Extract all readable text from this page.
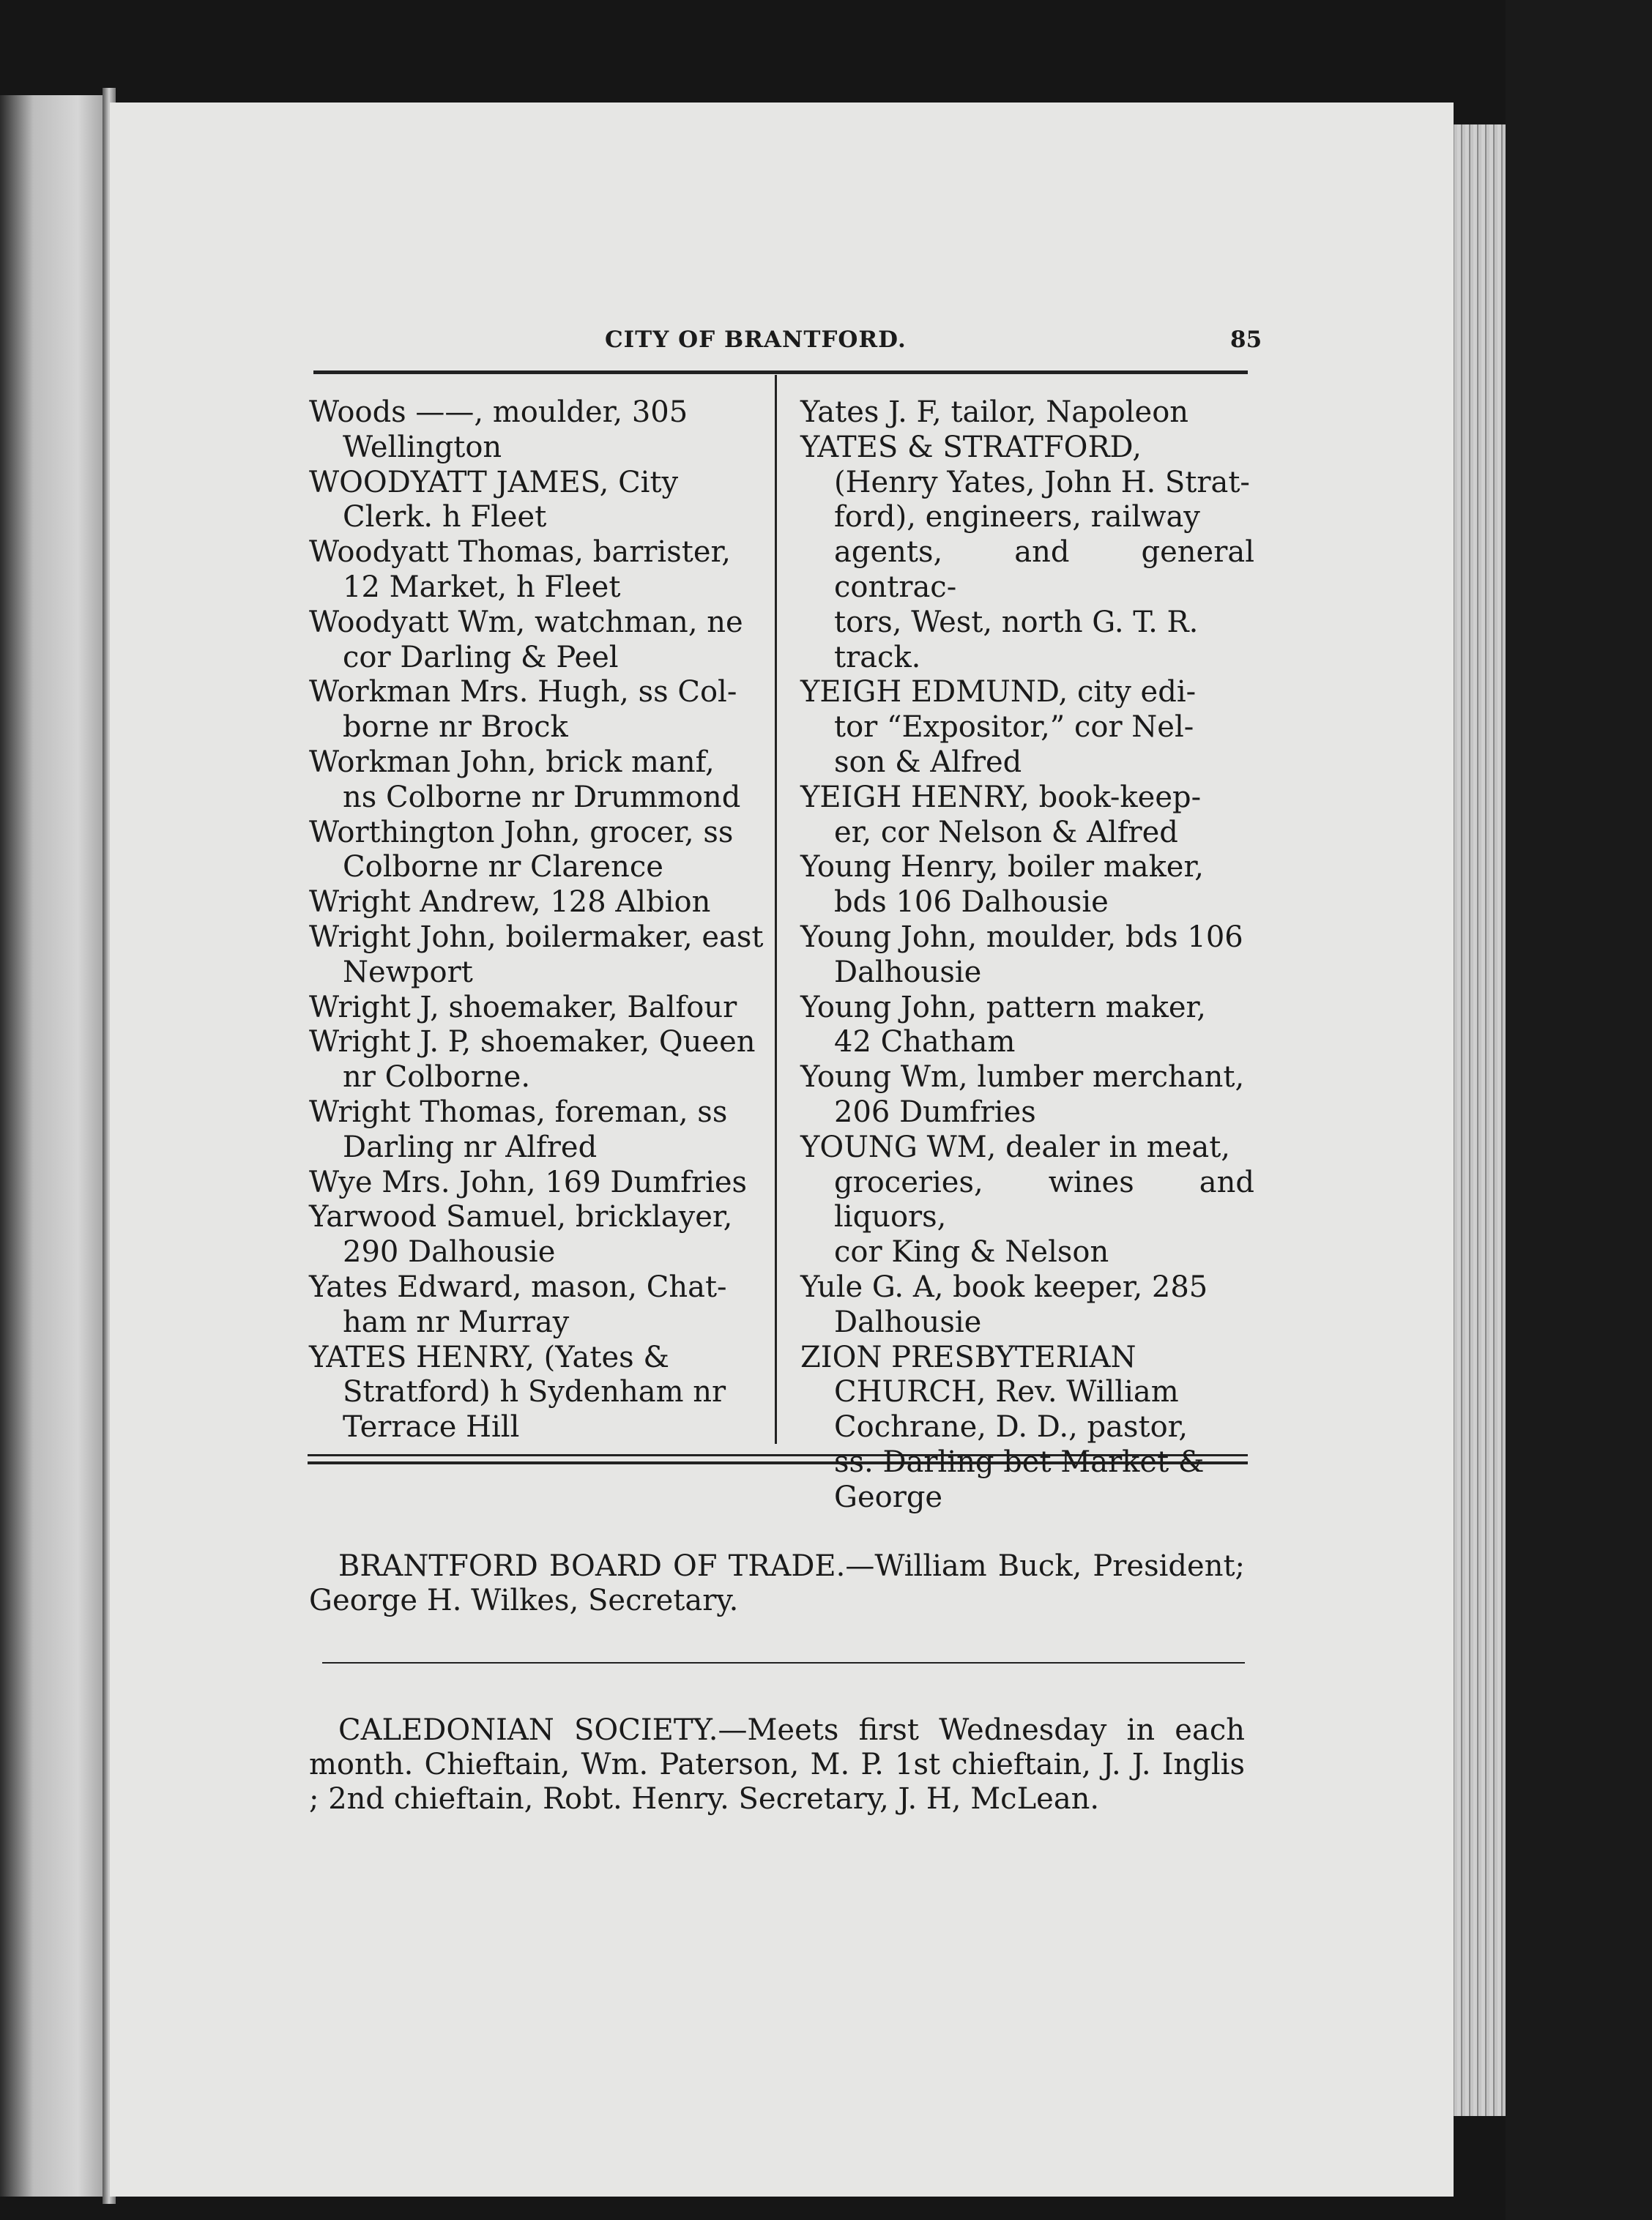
CITY OF BRANTFORD.	85

Woods ——, moulder, 305
Wellington

WOODYATT JAMES, City
Clerk. h Fleet

Woodyatt Thomas, barrister,
12 Market, h Fleet

Woodyatt Wm, watchman, ne
cor Darling & Peel

Workman Mrs. Hugh, ss Col-
borne nr Brock

Workman John, brick manf,
ns Colborne nr Drummond

Worthington John, grocer, ss
Colborne nr Clarence

Wright Andrew, 128 Albion

Wright John, boilermaker, east
Newport

Wright J, shoemaker, Balfour

Wright J. P, shoemaker, Queen
nr Colborne.

Wright Thomas, foreman, ss
Darling nr Alfred

Wye Mrs. John, 169 Dumfries

Yarwood Samuel, bricklayer,
290 Dalhousie

Yates Edward, mason, Chat-
ham nr Murray

YATES HENRY, (Yates &
Stratford) h Sydenham nr
Terrace Hill

Yates J. F, tailor, Napoleon

YATES & STRATFORD,
(Henry Yates, John H. Strat-
ford), engineers, railway
agents, and general contrac-
tors, West, north G. T. R.
track.

YEIGH EDMUND, city edi-
tor “Expositor,” cor Nel-
son & Alfred

YEIGH HENRY, book-keep-
er, cor Nelson & Alfred

Young Henry, boiler maker,
bds 106 Dalhousie

Young John, moulder, bds 106
Dalhousie

Young John, pattern maker,
42 Chatham

Young Wm, lumber merchant,
206 Dumfries

YOUNG WM, dealer in meat,
groceries, wines and liquors,
cor King & Nelson

Yule G. A, book keeper, 285
Dalhousie

ZION PRESBYTERIAN
CHURCH, Rev. William
Cochrane, D. D., pastor,
ss. Darling bet Market &
George

BRANTFORD BOARD OF TRADE.—William Buck, President; George H. Wilkes, Secretary.

CALEDONIAN SOCIETY.—Meets first Wednesday in each month. Chieftain, Wm. Paterson, M. P. 1st chieftain, J. J. Inglis ; 2nd chieftain, Robt. Henry. Secretary, J. H, McLean.
